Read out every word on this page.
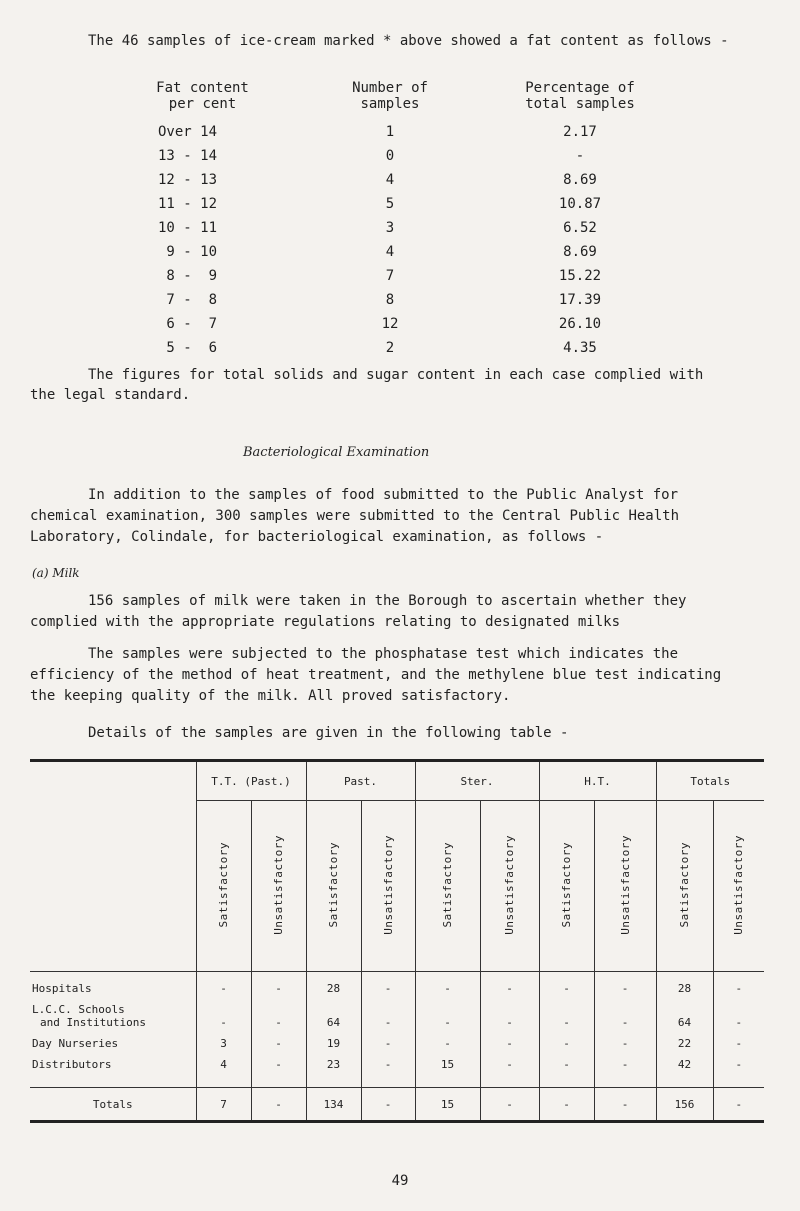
The 46 samples of ice-cream marked * above showed a fat content as follows -
Fat content
per cent
Number of
samples
Percentage of
total samples
Over 14	1	2.17
13 - 14	0	-
12 - 13	4	8.69
11 - 12	5	10.87
10 - 11	3	6.52
9 - 10	4	8.69
8 -  9	7	15.22
7 -  8	8	17.39
6 -  7	12	26.10
5 -  6	2	4.35
The figures for total solids and sugar content in each case complied with
the legal standard.
Bacteriological Examination
In addition to the samples of food submitted to the Public Analyst for
chemical examination, 300 samples were submitted to the Central Public Health
Laboratory, Colindale, for bacteriological examination, as follows -
(a) Milk
156 samples of milk were taken in the Borough to ascertain whether they
complied with the appropriate regulations relating to designated milks
The samples were subjected to the phosphatase test which indicates the
efficiency of the method of heat treatment, and the methylene blue test indicating
the keeping quality of the milk. All proved satisfactory.
Details of the samples are given in the following table -
	T.T. (Past.)		Past.		Ster.		H.T.		Totals	
	Satisfactory	Unsatisfactory	Satisfactory	Unsatisfactory	Satisfactory	Unsatisfactory	Satisfactory	Unsatisfactory	Satisfactory	Unsatisfactory

Hospitals	-	-	28	-	-	-	-	-	28	-

L.C.C. Schools
and Institutions	-	-	64	-	-	-	-	-	64	-

Day Nurseries	3	-	19	-	-	-	-	-	22	-

Distributors	4	-	23	-	15	-	-	-	42	-

Totals	7	-	134	-	15	-	-	-	156	-
49
